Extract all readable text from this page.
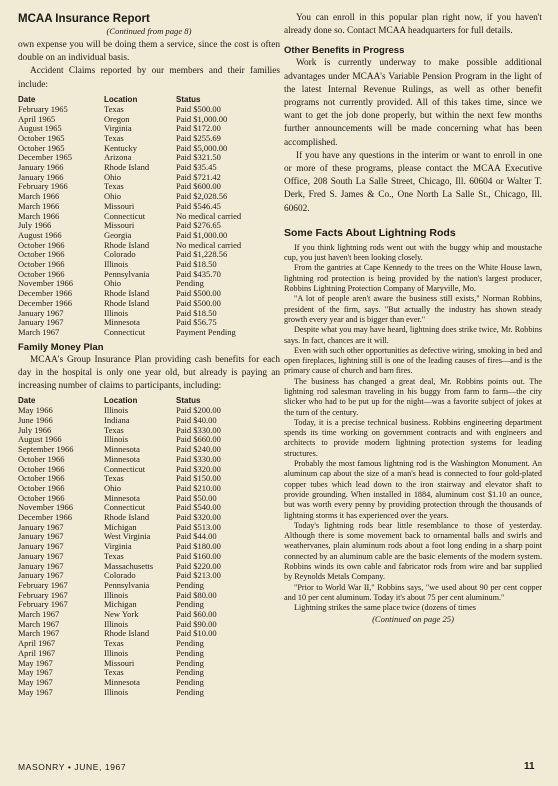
MCAA Insurance Report
(Continued from page 8)

own expense you will be doing them a service, since the cost is often double on an individual basis.

Accident Claims reported by our members and their families include:

Date	Location	Status
February 1965	Texas	Paid $500.00
April 1965	Oregon	Paid $1,000.00
August 1965	Virginia	Paid $172.00
October 1965	Texas	Paid $255.69
October 1965	Kentucky	Paid $5,000.00
December 1965	Arizona	Paid $321.50
January 1966	Rhode Island	Paid $35.45
January 1966	Ohio	Paid $721.42
February 1966	Texas	Paid $600.00
March 1966	Ohio	Paid $2,028.56
March 1966	Missouri	Paid $546.45
March 1966	Connecticut	No medical carried
July 1966	Missouri	Paid $276.65
August 1966	Georgia	Paid $1,000.00
October 1966	Rhode Island	No medical carried
October 1966	Colorado	Paid $1,228.56
October 1966	Illinois	Paid $18.50
October 1966	Pennsylvania	Paid $435.70
November 1966	Ohio	Pending
December 1966	Rhode Island	Paid $500.00
December 1966	Rhode Island	Paid $500.00
January 1967	Illinois	Paid $18.50
January 1967	Minnesota	Paid $56.75
March 1967	Connecticut	Payment Pending
Family Money Plan

MCAA's Group Insurance Plan providing cash benefits for each day in the hospital is only one year old, but already is paying an increasing number of claims to participants, including:

Date	Location	Status
May 1966	Illinois	Paid $200.00
June 1966	Indiana	Paid $40.00
July 1966	Texas	Paid $330.00
August 1966	Illinois	Paid $660.00
September 1966	Minnesota	Paid $240.00
October 1966	Minnesota	Paid $330.00
October 1966	Connecticut	Paid $320.00
October 1966	Texas	Paid $150.00
October 1966	Ohio	Paid $210.00
October 1966	Minnesota	Paid $50.00
November 1966	Connecticut	Paid $540.00
December 1966	Rhode Island	Paid $320.00
January 1967	Michigan	Paid $513.00
January 1967	West Virginia	Paid $44.00
January 1967	Virginia	Paid $180.00
January 1967	Texas	Paid $160.00
January 1967	Massachusetts	Paid $220.00
January 1967	Colorado	Paid $213.00
February 1967	Pennsylvania	Pending
February 1967	Illinois	Paid $80.00
February 1967	Michigan	Pending
March 1967	New York	Paid $60.00
March 1967	Illinois	Paid $90.00
March 1967	Rhode Island	Paid $10.00
April 1967	Texas	Pending
April 1967	Illinois	Pending
May 1967	Missouri	Pending
May 1967	Texas	Pending
May 1967	Minnesota	Pending
May 1967	Illinois	Pending

You can enroll in this popular plan right now, if you haven't already done so. Contact MCAA headquarters for full details.

Other Benefits in Progress

Work is currently underway to make possible additional advantages under MCAA's Variable Pension Program in the light of the latest Internal Revenue Rulings, as well as other benefit programs not currently provided. All of this takes time, since we want to get the job done properly, but within the next few months further announcements will be made concerning what has been accomplished.

If you have any questions in the interim or want to enroll in one or more of these programs, please contact the MCAA Executive Office, 208 South La Salle Street, Chicago, Ill. 60604 or Walter T. Derk, Fred S. James & Co., One North La Salle St., Chicago, Ill. 60602.

Some Facts About Lightning Rods

If you think lightning rods went out with the buggy whip and moustache cup, you just haven't been looking closely.

From the gantries at Cape Kennedy to the trees on the White House lawn, lightning rod protection is being provided by the nation's largest producer, Robbins Lightning Protection Company of Maryville, Mo.

"A lot of people aren't aware the business still exists," Norman Robbins, president of the firm, says. "But actually the industry has shown steady growth every year and is bigger than ever."

Despite what you may have heard, lightning does strike twice, Mr. Robbins says. In fact, chances are it will.

Even with such other opportunities as defective wiring, smoking in bed and open fireplaces, lightning still is one of the leading causes of fires—and is the primary cause of church and barn fires.

The business has changed a great deal, Mr. Robbins points out. The lightning rod salesman traveling in his buggy from farm to farm—the city slicker who had to be put up for the night—was a favorite subject of jokes at the turn of the century.

Today, it is a precise technical business. Robbins engineering department spends its time working on government contracts and with engineers and architects to provide modern lightning protection systems for leading structures.

Probably the most famous lightning rod is the Washington Monument. An aluminum cap about the size of a man's head is connected to four gold-plated copper tubes which lead down to the iron stairway and elevator shaft to provide grounding. When installed in 1884, aluminum cost $1.10 an ounce, but was worth every penny by providing protection through the thousands of lightning storms it has experienced over the years.

Today's lightning rods bear little resemblance to those of yesterday. Although there is some movement back to ornamental balls and swirls and weathervanes, plain aluminum rods about a foot long ending in a sharp point connected by an aluminum cable are the basic elements of the modern system. Robbins winds its own cable and fabricator rods from wire and bar supplied by Reynolds Metals Company.

"Prior to World War II," Robbins says, "we used about 90 per cent copper and 10 per cent aluminum. Today it's about 75 per cent aluminum."

Lightning strikes the same place twice (dozens of times

(Continued on page 25)
MASONRY • JUNE, 1967	11
